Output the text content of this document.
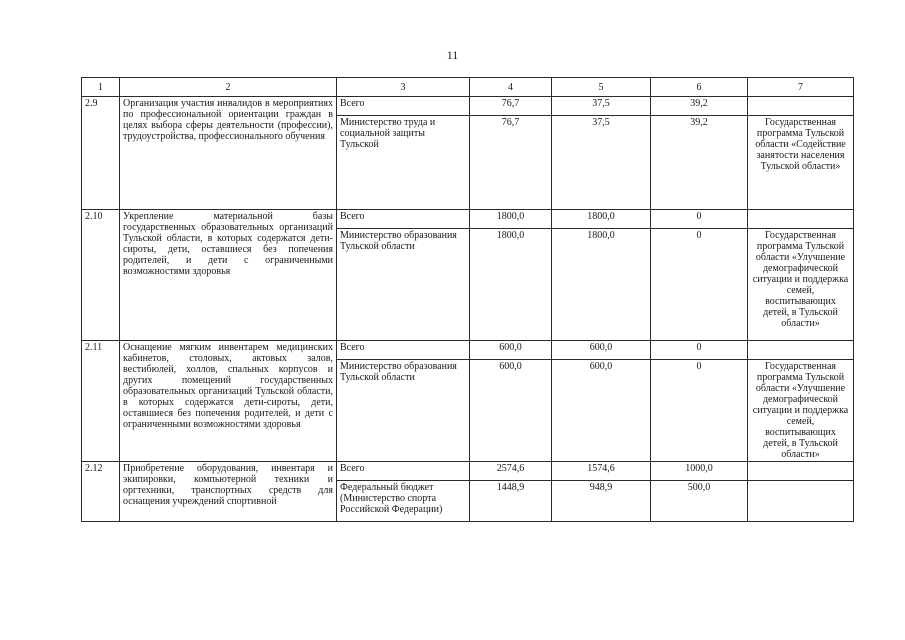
11
1	2	3	4	5	6	7
2.9	Организация участия инвалидов в мероприятиях по профессиональной ориентации граждан в целях выбора сферы деятельности (профессии), трудоустройства, профессионального обучения	Всего	76,7	37,5	39,2	
		Министерство труда и социальной защиты Тульской	76,7	37,5	39,2	Государственная программа Тульской области «Содействие занятости населения Тульской области»
2.10	Укрепление материальной базы государственных образовательных организаций Тульской области, в которых содержатся дети-сироты, дети, оставшиеся без попечения родителей, и дети с ограниченными возможностями здоровья	Всего	1800,0	1800,0	0	
		Министерство образования Тульской области	1800,0	1800,0	0	Государственная программа Тульской области «Улучшение демографической ситуации и поддержка семей, воспитывающих детей, в Тульской области»
2.11	Оснащение мягким инвентарем медицинских кабинетов, столовых, актовых залов, вестибюлей, холлов, спальных корпусов и других помещений государственных образовательных организаций Тульской области, в которых содержатся дети-сироты, дети, оставшиеся без попечения родителей, и дети с ограниченными возможностями здоровья	Всего	600,0	600,0	0	
		Министерство образования Тульской области	600,0	600,0	0	Государственная программа Тульской области «Улучшение демографической ситуации и поддержка семей, воспитывающих детей, в Тульской области»
2.12	Приобретение оборудования, инвентаря и экипировки, компьютерной техники и оргтехники, транспортных средств для оснащения учреждений спортивной	Всего	2574,6	1574,6	1000,0	
		Федеральный бюджет (Министерство спорта Российской Федерации)	1448,9	948,9	500,0	
